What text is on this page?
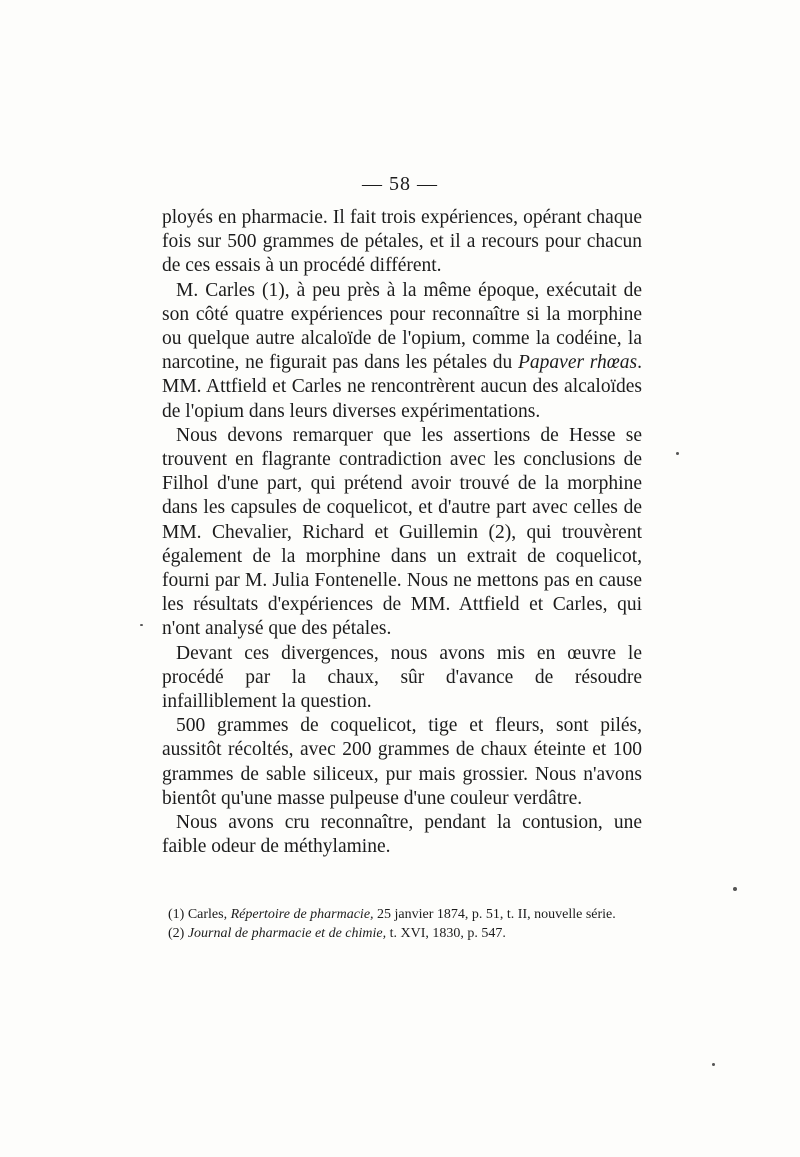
— 58 —

ployés en pharmacie. Il fait trois expériences, opérant chaque fois sur 500 grammes de pétales, et il a recours pour chacun de ces essais à un procédé différent.

M. Carles (1), à peu près à la même époque, exécutait de son côté quatre expériences pour reconnaître si la morphine ou quelque autre alcaloïde de l'opium, comme la codéine, la narcotine, ne figurait pas dans les pétales du Papaver rhœas. MM. Attfield et Carles ne rencontrèrent aucun des alcaloïdes de l'opium dans leurs diverses expérimentations.

Nous devons remarquer que les assertions de Hesse se trouvent en flagrante contradiction avec les conclusions de Filhol d'une part, qui prétend avoir trouvé de la morphine dans les capsules de coquelicot, et d'autre part avec celles de MM. Chevalier, Richard et Guillemin (2), qui trouvèrent également de la morphine dans un extrait de coquelicot, fourni par M. Julia Fontenelle. Nous ne mettons pas en cause les résultats d'expériences de MM. Attfield et Carles, qui n'ont analysé que des pétales.

Devant ces divergences, nous avons mis en œuvre le procédé par la chaux, sûr d'avance de résoudre infailliblement la question.

500 grammes de coquelicot, tige et fleurs, sont pilés, aussitôt récoltés, avec 200 grammes de chaux éteinte et 100 grammes de sable siliceux, pur mais grossier. Nous n'avons bientôt qu'une masse pulpeuse d'une couleur verdâtre.

Nous avons cru reconnaître, pendant la contusion, une faible odeur de méthylamine.

(1) Carles, Répertoire de pharmacie, 25 janvier 1874, p. 51, t. II, nouvelle série.

(2) Journal de pharmacie et de chimie, t. XVI, 1830, p. 547.
